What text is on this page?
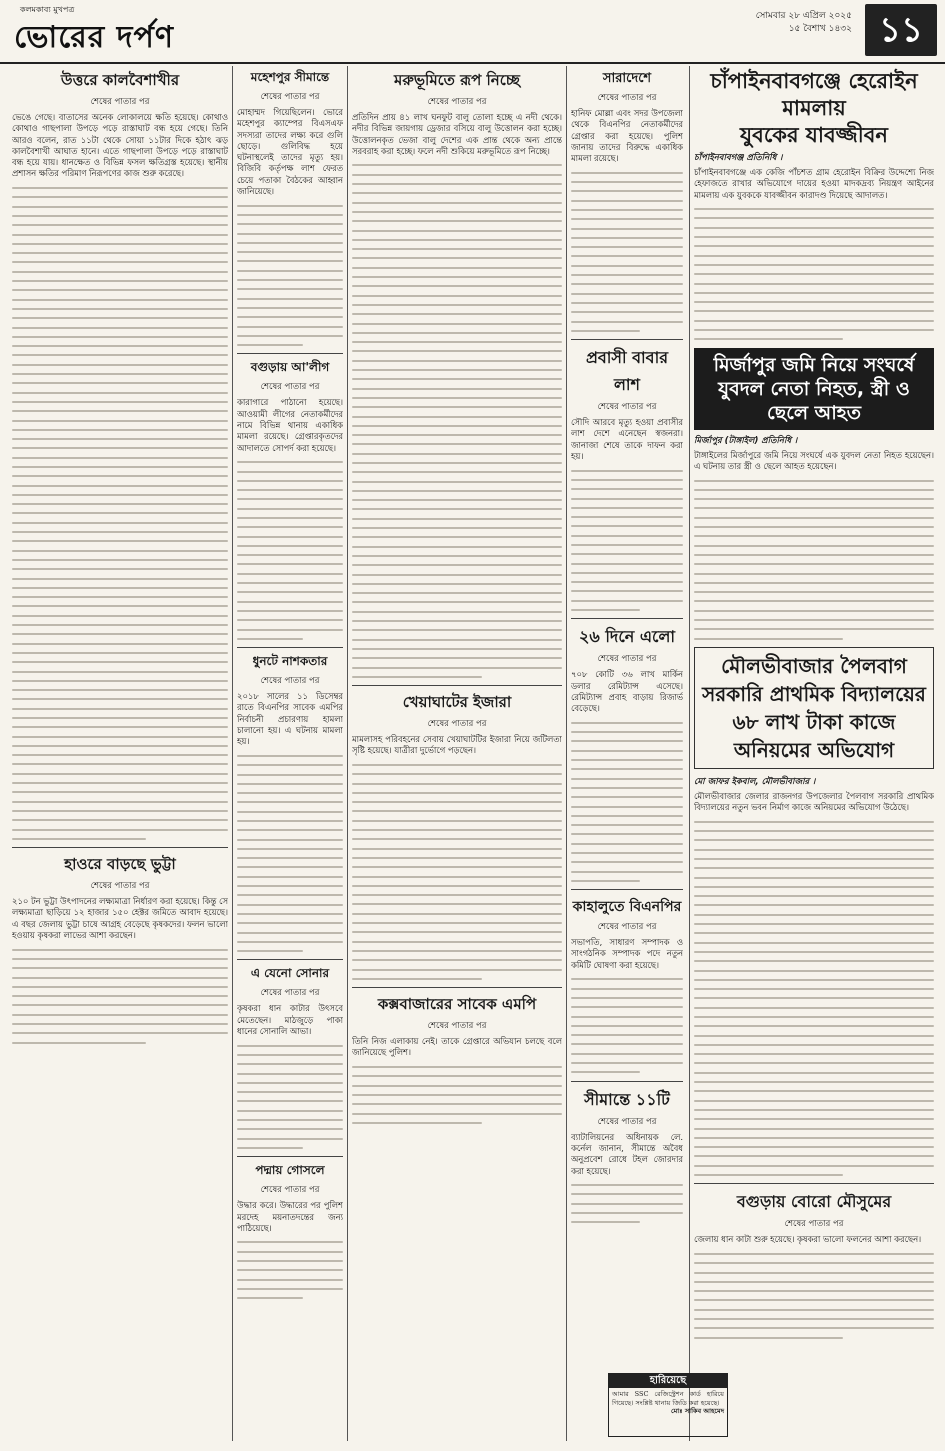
কলমকাব্য মুখপত্র
ভোরের দর্পণ
সোমবার ২৮ এপ্রিল ২০২৫
১৫ বৈশাখ ১৪৩২ ১১
উত্তরে কালবৈশাখীর
শেষের পাতার পর

ভেঙে গেছে। বাতাসের অনেক লোকালয়ে ক্ষতি হয়েছে। কোথাও কোথাও গাছপালা উপড়ে পড়ে রাস্তাঘাট বন্ধ হয়ে গেছে। তিনি আরও বলেন, রাত ১১টা থেকে সোয়া ১১টার দিকে হঠাৎ ঝড় কালবৈশাখী আঘাত হানে। এতে গাছপালা উপড়ে পড়ে রাস্তাঘাট বন্ধ হয়ে যায়। ধানক্ষেত ও বিভিন্ন ফসল ক্ষতিগ্রস্ত হয়েছে। স্থানীয় প্রশাসন ক্ষতির পরিমাণ নিরূপণের কাজ শুরু করেছে।

হাওরে বাড়ছে ভুট্টা
শেষের পাতার পর

২১০ টন ভুট্টা উৎপাদনের লক্ষ্যমাত্রা নির্ধারণ করা হয়েছে। কিন্তু সে লক্ষ্যমাত্রা ছাড়িয়ে ১২ হাজার ১৫০ হেক্টর জমিতে আবাদ হয়েছে। এ বছর জেলায় ভুট্টা চাষে আগ্রহ বেড়েছে কৃষকদের। ফলন ভালো হওয়ায় কৃষকরা লাভের আশা করছেন।

মহেশপুর সীমান্তে
শেষের পাতার পর

মোহাম্মদ গিয়েছিলেন। ভোরে মহেশপুর ক্যাম্পের বিএসএফ সদস্যরা তাদের লক্ষ্য করে গুলি ছোড়ে। গুলিবিদ্ধ হয়ে ঘটনাস্থলেই তাদের মৃত্যু হয়। বিজিবি কর্তৃপক্ষ লাশ ফেরত চেয়ে পতাকা বৈঠকের আহ্বান জানিয়েছে।

বগুড়ায় আ'লীগ
শেষের পাতার পর

কারাগারে পাঠানো হয়েছে। আওয়ামী লীগের নেতাকর্মীদের নামে বিভিন্ন থানায় একাধিক মামলা রয়েছে। গ্রেপ্তারকৃতদের আদালতে সোপর্দ করা হয়েছে।

ধুনটে নাশকতার
শেষের পাতার পর

২০১৮ সালের ১১ ডিসেম্বর রাতে বিএনপির সাবেক এমপির নির্বাচনী প্রচারণায় হামলা চালানো হয়। এ ঘটনায় মামলা হয়।

এ যেনো সোনার
শেষের পাতার পর

কৃষকরা ধান কাটার উৎসবে মেতেছেন। মাঠজুড়ে পাকা ধানের সোনালি আভা।

পদ্মায় গোসলে
শেষের পাতার পর

উদ্ধার করে। উদ্ধারের পর পুলিশ মরদেহ ময়নাতদন্তের জন্য পাঠিয়েছে।

মরুভূমিতে রূপ নিচ্ছে
শেষের পাতার পর

প্রতিদিন প্রায় ৪১ লাখ ঘনফুট বালু তোলা হচ্ছে এ নদী থেকে। নদীর বিভিন্ন জায়গায় ড্রেজার বসিয়ে বালু উত্তোলন করা হচ্ছে। উত্তোলনকৃত ভেজা বালু দেশের এক প্রান্ত থেকে অন্য প্রান্তে সরবরাহ করা হচ্ছে। ফলে নদী শুকিয়ে মরুভূমিতে রূপ নিচ্ছে।

খেয়াঘাটের ইজারা
শেষের পাতার পর

মামলাসহ পরিবহনের সেবায় খেয়াঘাটটির ইজারা নিয়ে জটিলতা সৃষ্টি হয়েছে। যাত্রীরা দুর্ভোগে পড়ছেন।

কক্সবাজারের সাবেক এমপি
শেষের পাতার পর

তিনি নিজ এলাকায় নেই। তাকে গ্রেপ্তারে অভিযান চলছে বলে জানিয়েছে পুলিশ।

সারাদেশে
শেষের পাতার পর

হানিফ মোল্লা এবং সদর উপজেলা থেকে বিএনপির নেতাকর্মীদের গ্রেপ্তার করা হয়েছে। পুলিশ জানায় তাদের বিরুদ্ধে একাধিক মামলা রয়েছে।

প্রবাসী বাবার লাশ
শেষের পাতার পর

সৌদি আরবে মৃত্যু হওয়া প্রবাসীর লাশ দেশে এনেছেন স্বজনরা। জানাজা শেষে তাকে দাফন করা হয়।

২৬ দিনে এলো
শেষের পাতার পর

৭০৮ কোটি ৩৬ লাখ মার্কিন ডলার রেমিট্যান্স এসেছে। রেমিট্যান্স প্রবাহ বাড়ায় রিজার্ভ বেড়েছে।

কাহালুতে বিএনপির
শেষের পাতার পর

সভাপতি, সাধারণ সম্পাদক ও সাংগঠনিক সম্পাদক পদে নতুন কমিটি ঘোষণা করা হয়েছে।

সীমান্তে ১১টি
শেষের পাতার পর

ব্যাটালিয়নের অধিনায়ক লে. কর্নেল জানান, সীমান্তে অবৈধ অনুপ্রবেশ রোধে টহল জোরদার করা হয়েছে।

চাঁপাইনবাবগঞ্জে হেরোইন মামলায়
যুবকের যাবজ্জীবন
চাঁপাইনবাবগঞ্জ প্রতিনিধি ।

চাঁপাইনবাবগঞ্জে এক কেজি পাঁচশত গ্রাম হেরোইন বিক্রির উদ্দেশ্যে নিজ হেফাজতে রাখার অভিযোগে দায়ের হওয়া মাদকদ্রব্য নিয়ন্ত্রণ আইনের মামলায় এক যুবককে যাবজ্জীবন কারাদণ্ড দিয়েছে আদালত।

মির্জাপুর জমি নিয়ে সংঘর্ষে যুবদল নেতা নিহত, স্ত্রী ও ছেলে আহত
মির্জাপুর (টাঙ্গাইল) প্রতিনিধি ।

টাঙ্গাইলের মির্জাপুরে জমি নিয়ে সংঘর্ষে এক যুবদল নেতা নিহত হয়েছেন। এ ঘটনায় তার স্ত্রী ও ছেলে আহত হয়েছেন।

মৌলভীবাজার পৈলবাগ সরকারি প্রাথমিক বিদ্যালয়ের ৬৮ লাখ টাকা কাজে অনিয়মের অভিযোগ
মো জাফর ইকবাল, মৌলভীবাজার ।

মৌলভীবাজার জেলার রাজনগর উপজেলার পৈলবাগ সরকারি প্রাথমিক বিদ্যালয়ের নতুন ভবন নির্মাণ কাজে অনিয়মের অভিযোগ উঠেছে।

বগুড়ায় বোরো মৌসুমের
শেষের পাতার পর

জেলায় ধান কাটা শুরু হয়েছে। কৃষকরা ভালো ফলনের আশা করছেন।

হারিয়েছে
আমার SSC রেজিস্ট্রেশন কার্ড হারিয়ে গিয়েছে। সংশ্লিষ্ট থানায় জিডি করা হয়েছে।
মোঃ সাকিব আহমেদ
